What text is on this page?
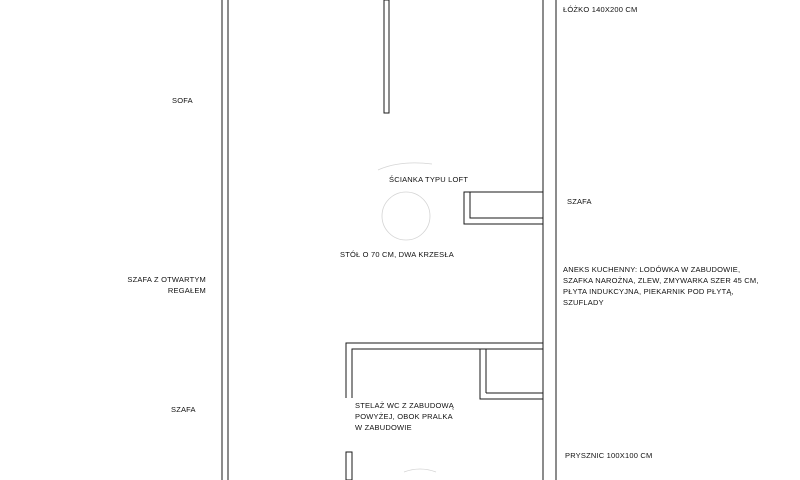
ŁÓŻKO 140X200 CM
SOFA
ŚCIANKA TYPU LOFT
SZAFA
STÓŁ O 70 CM, DWA KRZESŁA
SZAFA Z OTWARTYM
REGAŁEM
ANEKS KUCHENNY: LODÓWKA W ZABUDOWIE,
SZAFKA NAROŻNA, ZLEW, ZMYWARKA SZER 45 CM,
PŁYTA INDUKCYJNA, PIEKARNIK POD PŁYTĄ,
SZUFLADY
SZAFA	STELAŻ WC Z ZABUDOWĄ
POWYŻEJ, OBOK PRALKA
W ZABUDOWIE
PRYSZNIC 100X100 CM
